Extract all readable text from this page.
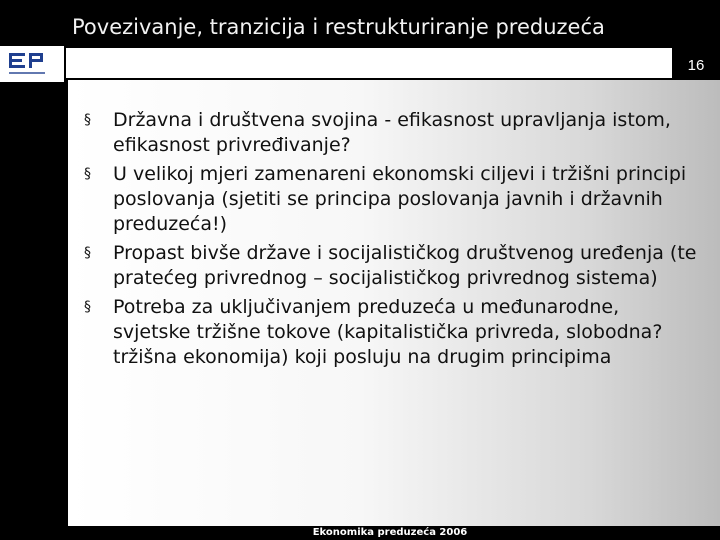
Povezivanje, tranzicija i restrukturiranje preduzeća
16
§ Državna i društvena svojina - efikasnost upravljanja istom, efikasnost privređivanje?
§ U velikoj mjeri zamenareni ekonomski ciljevi i tržišni principi poslovanja (sjetiti se principa poslovanja javnih i državnih preduzeća!)
§ Propast bivše države i socijalističkog društvenog uređenja (te pratećeg privrednog – socijalističkog privrednog sistema)
§ Potreba za uključivanjem preduzeća u međunarodne, svjetske tržišne tokove (kapitalistička privreda, slobodna? tržišna ekonomija) koji posluju na drugim principima
Ekonomika preduzeća 2006
